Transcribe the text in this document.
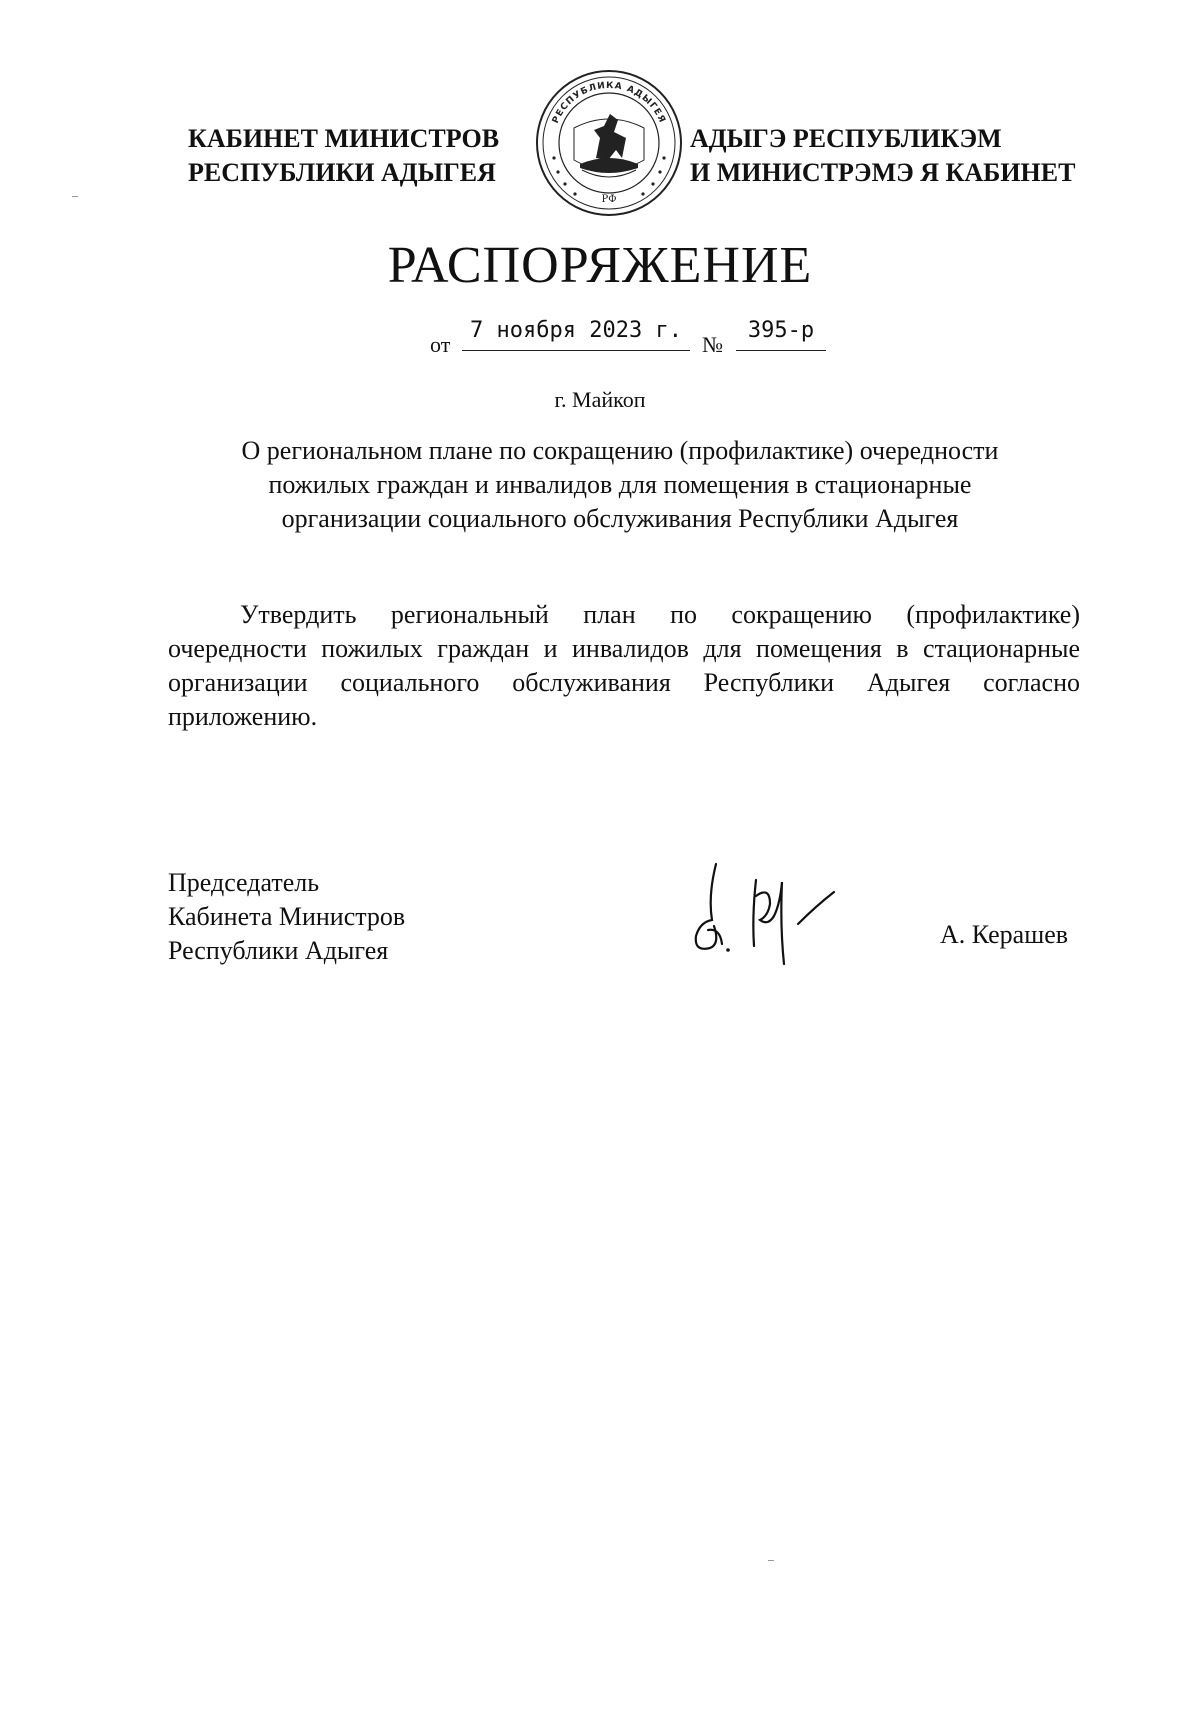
КАБИНЕТ МИНИСТРОВ
РЕСПУБЛИКИ АДЫГЕЯ
РЕСПУБЛИКА АДЫГЕЯ
РФ
АДЫГЭ РЕСПУБЛИКЭМ
И МИНИСТРЭМЭ Я КАБИНЕТ
РАСПОРЯЖЕНИЕ
от
7 ноября 2023 г.
№
395-р
г. Майкоп
О региональном плане по сокращению (профилактике) очередности
пожилых граждан и инвалидов для помещения в стационарные
организации социального обслуживания Республики Адыгея
Утвердить региональный план по сокращению (профилактике)
очередности пожилых граждан и инвалидов для помещения в стационарные
организации социального обслуживания Республики Адыгея согласно
приложению.
Председатель
Кабинета Министров
Республики Адыгея
А. Керашев
